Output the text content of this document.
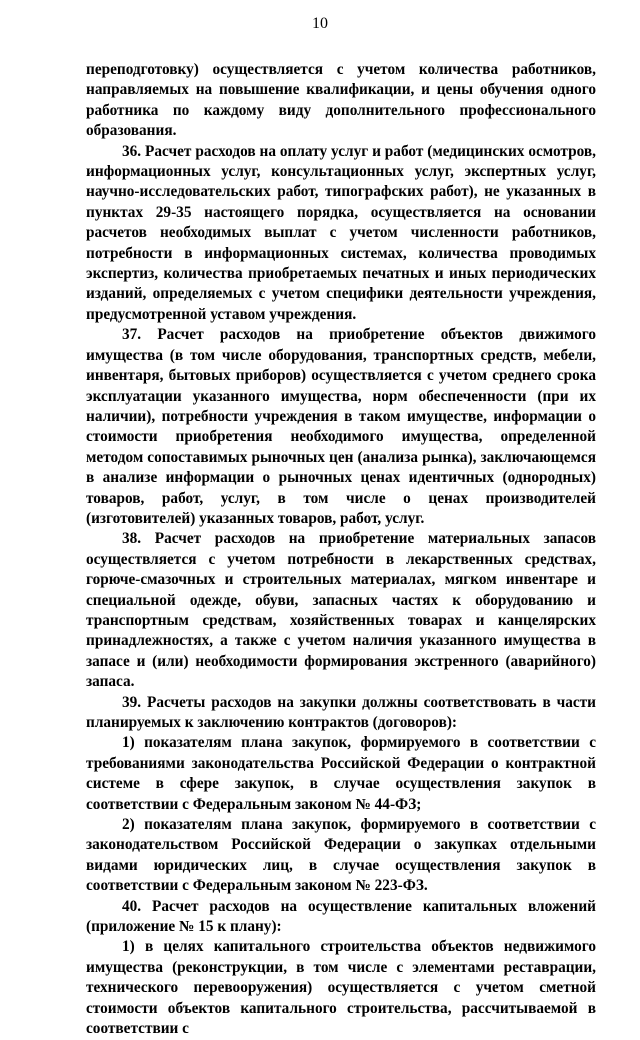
10

переподготовку) осуществляется с учетом количества работников, направляемых на повышение квалификации, и цены обучения одного работника по каждому виду дополнительного профессионального образования.

36. Расчет расходов на оплату услуг и работ (медицинских осмотров, информационных услуг, консультационных услуг, экспертных услуг, научно-исследовательских работ, типографских работ), не указанных в пунктах 29-35 настоящего порядка, осуществляется на основании расчетов необходимых выплат с учетом численности работников, потребности в информационных системах, количества проводимых экспертиз, количества приобретаемых печатных и иных периодических изданий, определяемых с учетом специфики деятельности учреждения, предусмотренной уставом учреждения.

37. Расчет расходов на приобретение объектов движимого имущества (в том числе оборудования, транспортных средств, мебели, инвентаря, бытовых приборов) осуществляется с учетом среднего срока эксплуатации указанного имущества, норм обеспеченности (при их наличии), потребности учреждения в таком имуществе, информации о стоимости приобретения необходимого имущества, определенной методом сопоставимых рыночных цен (анализа рынка), заключающемся в анализе информации о рыночных ценах идентичных (однородных) товаров, работ, услуг, в том числе о ценах производителей (изготовителей) указанных товаров, работ, услуг.

38. Расчет расходов на приобретение материальных запасов осуществляется с учетом потребности в лекарственных средствах, горюче-смазочных и строительных материалах, мягком инвентаре и специальной одежде, обуви, запасных частях к оборудованию и транспортным средствам, хозяйственных товарах и канцелярских принадлежностях, а также с учетом наличия указанного имущества в запасе и (или) необходимости формирования экстренного (аварийного) запаса.

39. Расчеты расходов на закупки должны соответствовать в части планируемых к заключению контрактов (договоров):

1) показателям плана закупок, формируемого в соответствии с требованиями законодательства Российской Федерации о контрактной системе в сфере закупок, в случае осуществления закупок в соответствии с Федеральным законом № 44-ФЗ;

2) показателям плана закупок, формируемого в соответствии с законодательством Российской Федерации о закупках отдельными видами юридических лиц, в случае осуществления закупок в соответствии с Федеральным законом № 223-ФЗ.

40. Расчет расходов на осуществление капитальных вложений (приложение № 15 к плану):

1) в целях капитального строительства объектов недвижимого имущества (реконструкции, в том числе с элементами реставрации, технического перевооружения) осуществляется с учетом сметной стоимости объектов капитального строительства, рассчитываемой в соответствии с
